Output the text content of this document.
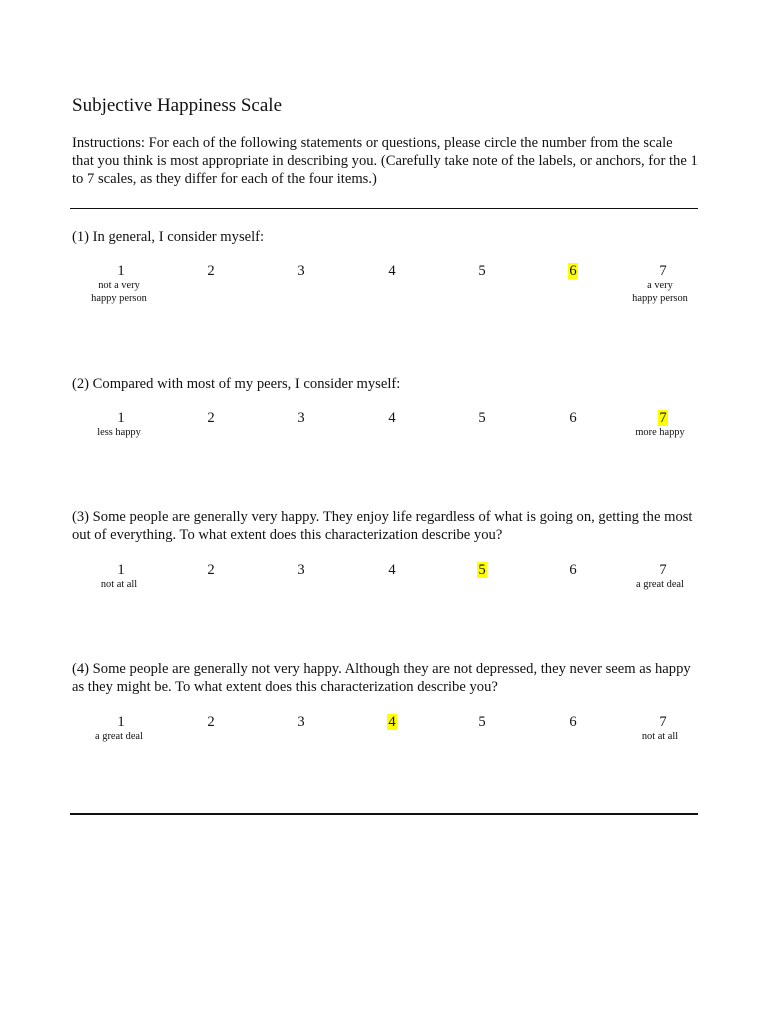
Subjective Happiness Scale
Instructions: For each of the following statements or questions, please circle the number from the scale that you think is most appropriate in describing you. (Carefully take note of the labels, or anchors, for the 1 to 7 scales, as they differ for each of the four items.)
(1) In general, I consider myself:
1	2	3	4	5	6	7
not a very
happy person
a very
happy person
(2) Compared with most of my peers, I consider myself:
1	2	3	4	5	6	7
less happy	more happy
(3) Some people are generally very happy. They enjoy life regardless of what is going on, getting the most out of everything. To what extent does this characterization describe you?
1	2	3	4	5	6	7
not at all	a great deal
(4) Some people are generally not very happy. Although they are not depressed, they never seem as happy as they might be. To what extent does this characterization describe you?
1	2	3	4	5	6	7
a great deal	not at all
